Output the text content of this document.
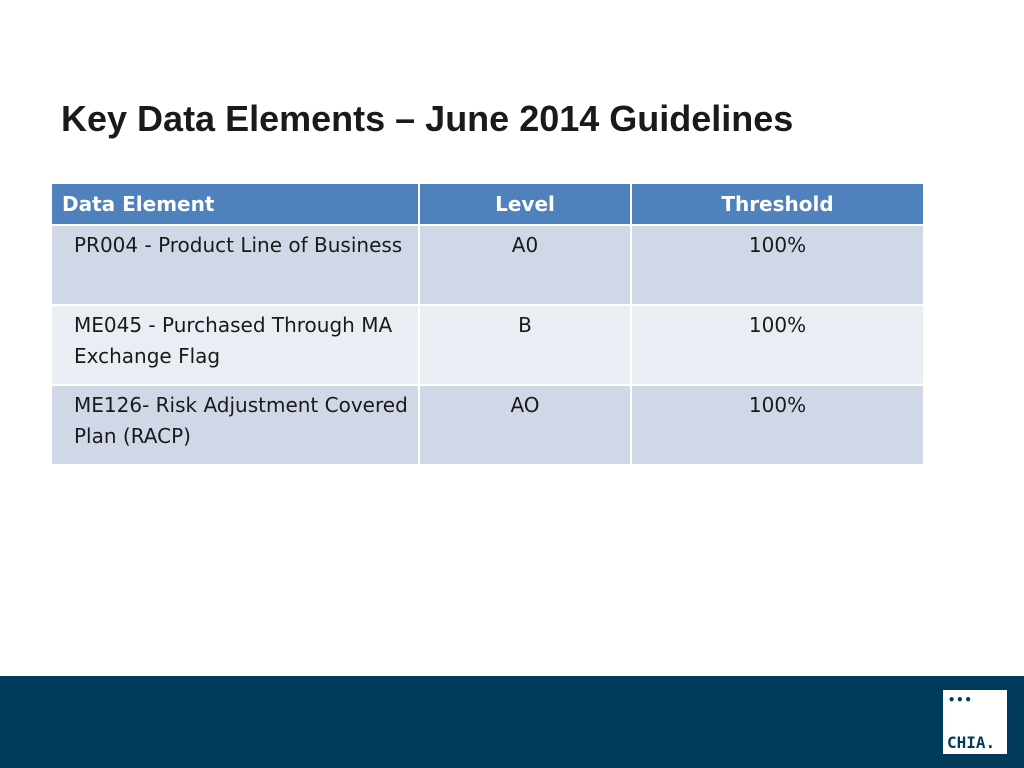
Key Data Elements – June 2014 Guidelines
Data Element	Level	Threshold
PR004 - Product Line of Business	A0	100%
ME045 - Purchased Through MA Exchange Flag	B	100%
ME126- Risk Adjustment Covered Plan (RACP)	AO	100%
•••
CHIA.
